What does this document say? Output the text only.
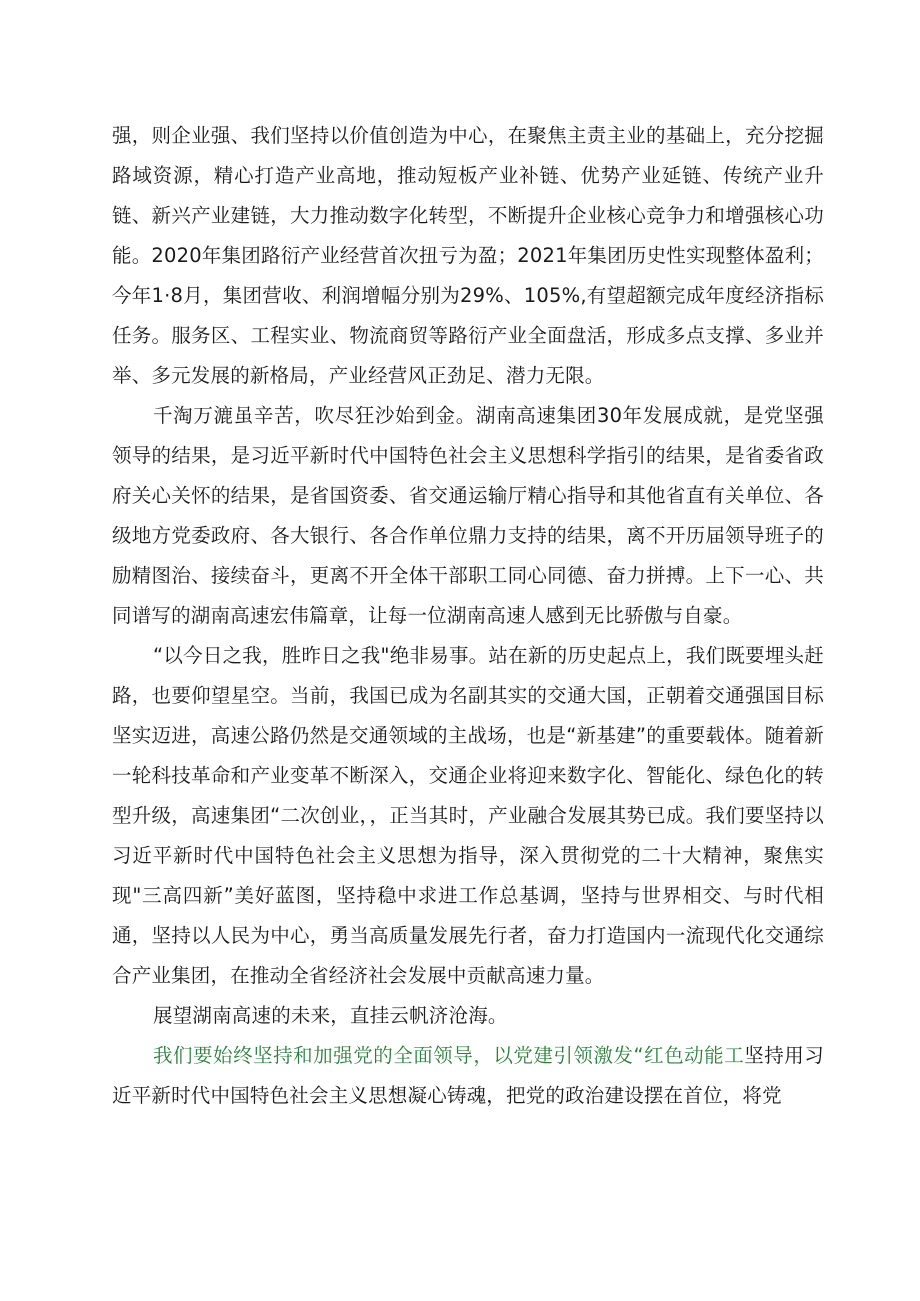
强，则企业强、我们坚持以价值创造为中心，在聚焦主责主业的基础上，充分挖掘路域资源，精心打造产业高地，推动短板产业补链、优势产业延链、传统产业升链、新兴产业建链，大力推动数字化转型，不断提升企业核心竞争力和增强核心功能。2020年集团路衍产业经营首次扭亏为盈；2021年集团历史性实现整体盈利；今年1·8月，集团营收、利润增幅分别为29%、105%,有望超额完成年度经济指标任务。服务区、工程实业、物流商贸等路衍产业全面盘活，形成多点支撑、多业并举、多元发展的新格局，产业经营风正劲足、潜力无限。

千淘万漉虽辛苦，吹尽狂沙始到金。湖南高速集团30年发展成就，是党坚强领导的结果，是习近平新时代中国特色社会主义思想科学指引的结果，是省委省政府关心关怀的结果，是省国资委、省交通运输厅精心指导和其他省直有关单位、各级地方党委政府、各大银行、各合作单位鼎力支持的结果，离不开历届领导班子的励精图治、接续奋斗，更离不开全体干部职工同心同德、奋力拼搏。上下一心、共同谱写的湖南高速宏伟篇章，让每一位湖南高速人感到无比骄傲与自豪。

“以今日之我，胜昨日之我"绝非易事。站在新的历史起点上，我们既要埋头赶路，也要仰望星空。当前，我国已成为名副其实的交通大国，正朝着交通强国目标坚实迈进，高速公路仍然是交通领域的主战场，也是“新基建”的重要载体。随着新一轮科技革命和产业变革不断深入，交通企业将迎来数字化、智能化、绿色化的转型升级，高速集团“二次创业，，正当其时，产业融合发展其势已成。我们要坚持以习近平新时代中国特色社会主义思想为指导，深入贯彻党的二十大精神，聚焦实现"三高四新”美好蓝图，坚持稳中求进工作总基调，坚持与世界相交、与时代相通，坚持以人民为中心，勇当高质量发展先行者，奋力打造国内一流现代化交通综合产业集团，在推动全省经济社会发展中贡献高速力量。

展望湖南高速的未来，直挂云帆济沧海。

我们要始终坚持和加强党的全面领导，以党建引领激发“红色动能工坚持用习近平新时代中国特色社会主义思想凝心铸魂，把党的政治建设摆在首位，将党
